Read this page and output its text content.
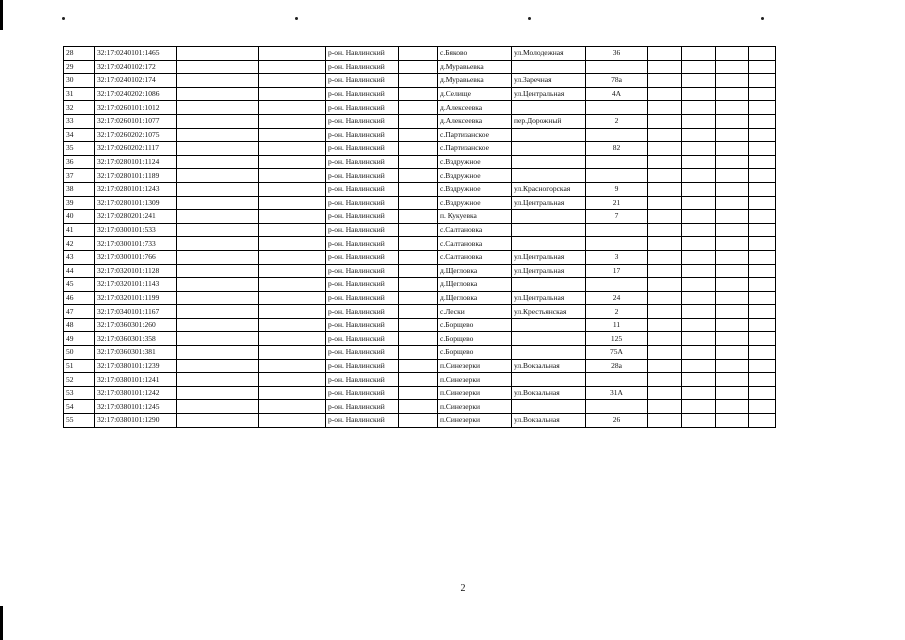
28	32:17:0240101:1465			р-он. Навлинский		с.Бяково	ул.Молодежная	36				
29	32:17:0240102:172			р-он. Навлинский		д.Муравьевка						
30	32:17:0240102:174			р-он. Навлинский		д.Муравьевка	ул.Заречная	78а				
31	32:17:0240202:1086			р-он. Навлинский		д.Селище	ул.Центральная	4А				
32	32:17:0260101:1012			р-он. Навлинский		д.Алексеевка						
33	32:17:0260101:1077			р-он. Навлинский		д.Алексеевка	пер.Дорожный	2				
34	32:17:0260202:1075			р-он. Навлинский		с.Партизанское						
35	32:17:0260202:1117			р-он. Навлинский		с.Партизанское		82				
36	32:17:0280101:1124			р-он. Навлинский		с.Вздружное						
37	32:17:0280101:1189			р-он. Навлинский		с.Вздружное						
38	32:17:0280101:1243			р-он. Навлинский		с.Вздружное	ул.Красногорская	9				
39	32:17:0280101:1309			р-он. Навлинский		с.Вздружное	ул.Центральная	21				
40	32:17:0280201:241			р-он. Навлинский		п. Кукуевка		7				
41	32:17:0300101:533			р-он. Навлинский		с.Салтановка						
42	32:17:0300101:733			р-он. Навлинский		с.Салтановка						
43	32:17:0300101:766			р-он. Навлинский		с.Салтановка	ул.Центральная	3				
44	32:17:0320101:1128			р-он. Навлинский		д.Щегловка	ул.Центральная	17				
45	32:17:0320101:1143			р-он. Навлинский		д.Щегловка						
46	32:17:0320101:1199			р-он. Навлинский		д.Щегловка	ул.Центральная	24				
47	32:17:0340101:1167			р-он. Навлинский		с.Лески	ул.Крестьянская	2				
48	32:17:0360301:260			р-он. Навлинский		с.Борщево		11				
49	32:17:0360301:358			р-он. Навлинский		с.Борщево		125				
50	32:17:0360301:381			р-он. Навлинский		с.Борщево		75А				
51	32:17:0380101:1239			р-он. Навлинский		п.Синезерки	ул.Вокзальная	28а				
52	32:17:0380101:1241			р-он. Навлинский		п.Синезерки						
53	32:17:0380101:1242			р-он. Навлинский		п.Синезерки	ул.Вокзальная	31А				
54	32:17:0380101:1245			р-он. Навлинский		п.Синезерки						
55	32:17:0380101:1290			р-он. Навлинский		п.Синезерки	ул.Вокзальная	26				
2
